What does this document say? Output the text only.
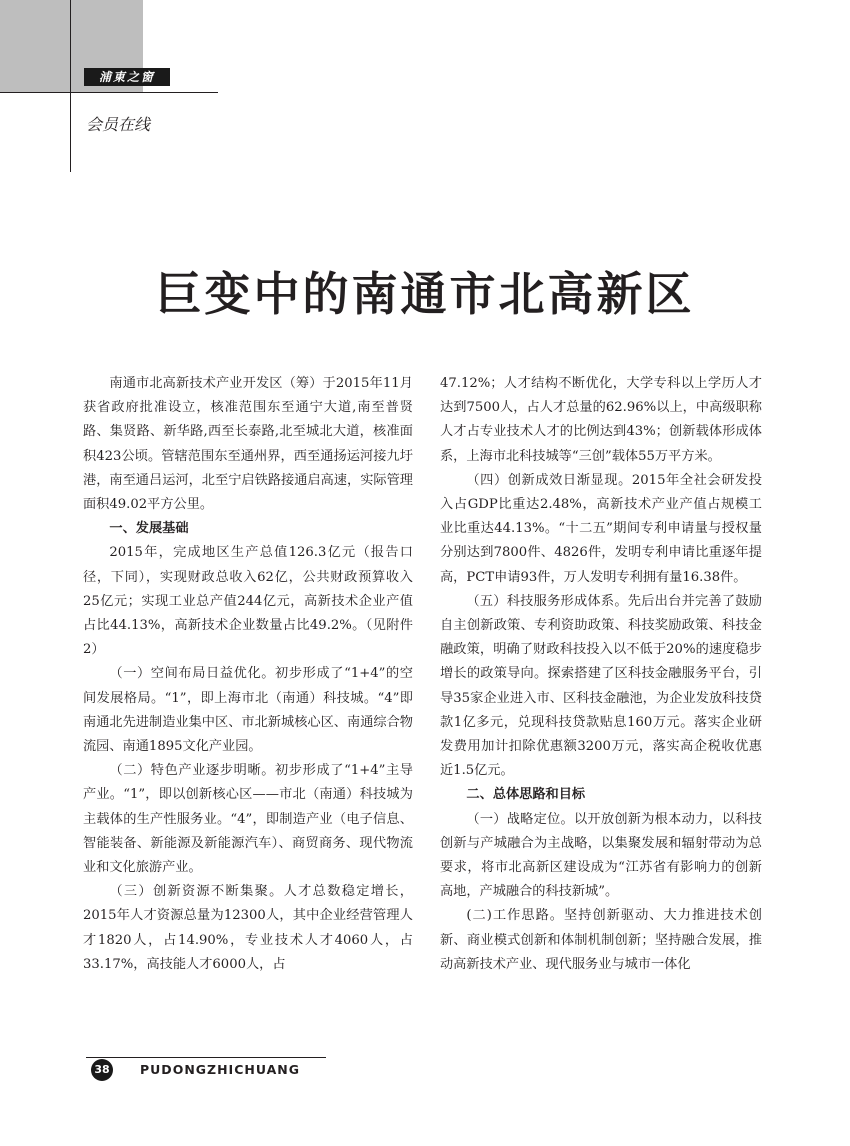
浦東之窗
会员在线
巨变中的南通市北高新区

南通市北高新技术产业开发区（筹）于2015年11月获省政府批准设立，核准范围东至通宁大道,南至普贤路、集贤路、新华路,西至长泰路,北至城北大道，核准面积423公顷。管辖范围东至通州界，西至通扬运河接九圩港，南至通吕运河，北至宁启铁路接通启高速，实际管理面积49.02平方公里。

一、发展基础

2015年，完成地区生产总值126.3亿元（报告口径，下同），实现财政总收入62亿，公共财政预算收入25亿元；实现工业总产值244亿元，高新技术企业产值占比44.13%，高新技术企业数量占比49.2%。（见附件2）

（一）空间布局日益优化。初步形成了“1+4”的空间发展格局。“1”，即上海市北（南通）科技城。“4”即南通北先进制造业集中区、市北新城核心区、南通综合物流园、南通1895文化产业园。

（二）特色产业逐步明晰。初步形成了“1+4”主导产业。“1”，即以创新核心区——市北（南通）科技城为主载体的生产性服务业。“4”，即制造产业（电子信息、智能装备、新能源及新能源汽车）、商贸商务、现代物流业和文化旅游产业。

（三）创新资源不断集聚。人才总数稳定增长，2015年人才资源总量为12300人，其中企业经营管理人才1820人，占14.90%，专业技术人才4060人，占33.17%，高技能人才6000人，占

47.12%；人才结构不断优化，大学专科以上学历人才达到7500人，占人才总量的62.96%以上，中高级职称人才占专业技术人才的比例达到43%；创新载体形成体系，上海市北科技城等“三创”载体55万平方米。

（四）创新成效日渐显现。2015年全社会研发投入占GDP比重达2.48%，高新技术产业产值占规模工业比重达44.13%。“十二五”期间专利申请量与授权量分别达到7800件、4826件，发明专利申请比重逐年提高，PCT申请93件，万人发明专利拥有量16.38件。

（五）科技服务形成体系。先后出台并完善了鼓励自主创新政策、专利资助政策、科技奖励政策、科技金融政策，明确了财政科技投入以不低于20%的速度稳步增长的政策导向。探索搭建了区科技金融服务平台，引导35家企业进入市、区科技金融池，为企业发放科技贷款1亿多元，兑现科技贷款贴息160万元。落实企业研发费用加计扣除优惠额3200万元，落实高企税收优惠近1.5亿元。

二、总体思路和目标

（一）战略定位。以开放创新为根本动力，以科技创新与产城融合为主战略，以集聚发展和辐射带动为总要求，将市北高新区建设成为“江苏省有影响力的创新高地，产城融合的科技新城”。

(二)工作思路。坚持创新驱动、大力推进技术创新、商业模式创新和体制机制创新；坚持融合发展，推动高新技术产业、现代服务业与城市一体化

38 PUDONGZHICHUANG
